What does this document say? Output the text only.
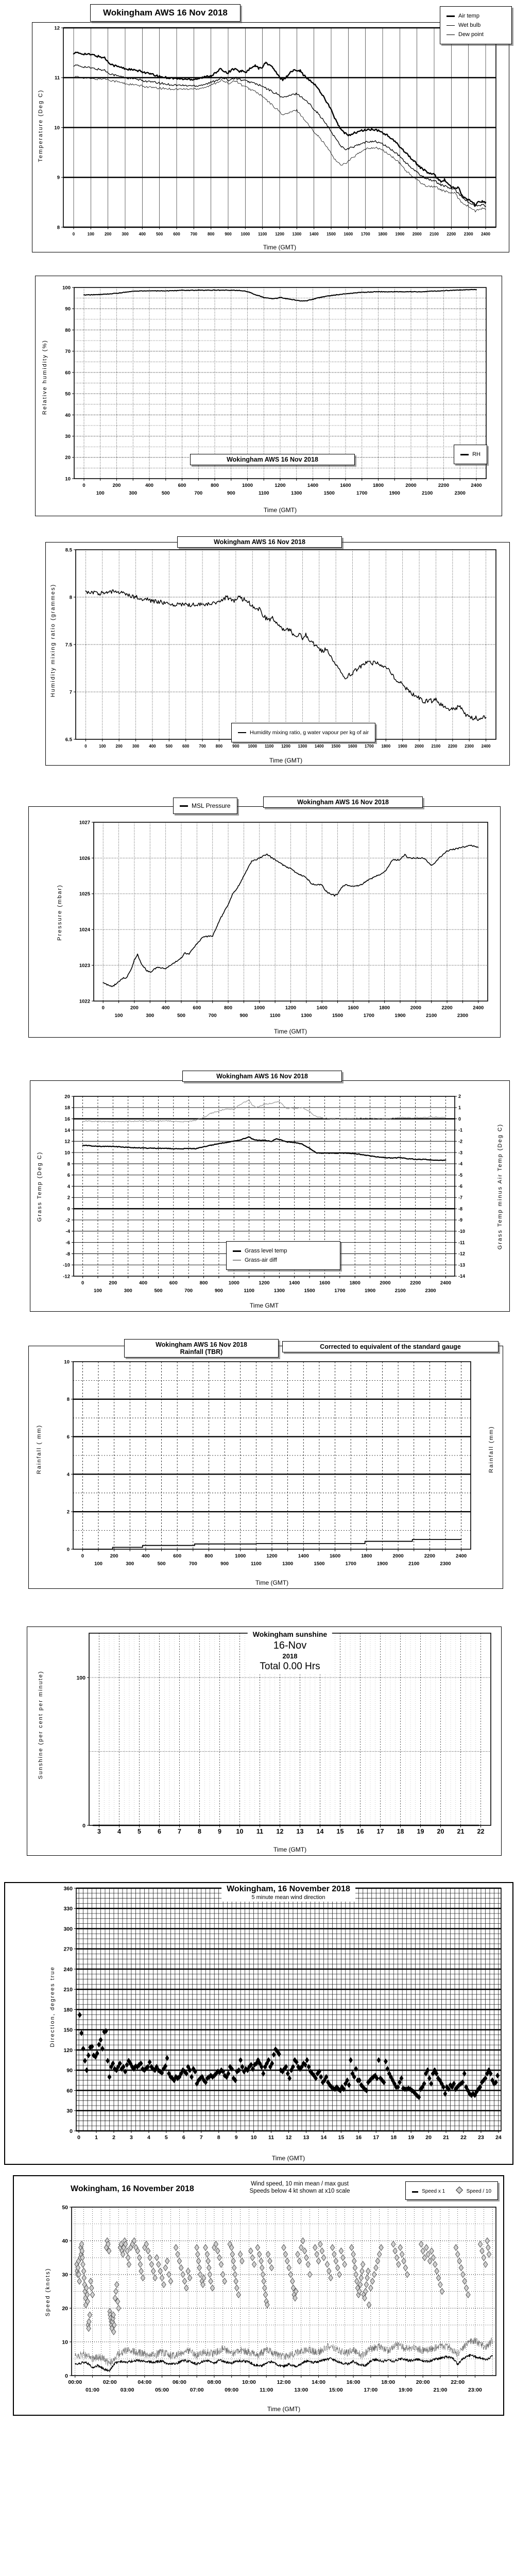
0	100 200 300 400 500 600 700 800 900 1000 1100 1200 1300 1400 1500 1600 1700 1800 1900 2000 2100 2200 2300 2400
8
9
10
11
12
Wokingham AWS 16 Nov 2018	Air temp
Wet bulb
Dew point
Temperature (Deg C)
Time (GMT)
0
100
200
300
400
500
600
700
800
900
1000
1100
1200
1300
1400
1500
1600
1700
1800
1900
2000
2100
2200
2300
2400
10
20
30
40
50
60
70
80
90
100
Wokingham AWS 16 Nov 2018
RH
Relative humidity (%)
Time (GMT)
0	100 200 300 400 500 600 700 800 900 1000 1100 1200 1300 1400 1500 1600 1700 1800 1900 2000 2100 2200 2300 2400
6.5
7
7.5
8
8.5
Wokingham AWS 16 Nov 2018
Humidity mixing ratio, g water vapour per kg of air
Humidity mixing ratio (grammes)
Time (GMT)
0
100
200
300
400
500
600
700
800
900
1000
1100
1200
1300
1400
1500
1600
1700
1800
1900
2000
2100
2200
2300
2400
1022
1023
1024
1025
1026
1027
MSL Pressure	Wokingham AWS 16 Nov 2018
Pressure (mbar)
Time (GMT)
0
100
200
300
400
500
600
700
800
900
1000
1100
1200
1300
1400
1500
1600
1700
1800
1900
2000
2100
2200
2300
2400
20
18
16
14
12
10
8
6
4
2
0
-2
-4
-6
-8
-10
-12
2
1
0
-1
-2
-3
-4
-5
-6
-7
-8
-9
-10
-11
-12
-13
-14
Wokingham AWS 16 Nov 2018
Grass level temp
Grass-air diff
Grass Temp (Deg C)	Grass Temp minus Air Temp (Deg C)
Time GMT
0
100
200
300
400
500
600
700
800
900
1000
1100
1200
1300
1400
1500
1600
1700
1800
1900
2000
2100
2200
2300
2400
0
2
4
6
8
10
Wokingham AWS 16 Nov 2018
Rainfall (TBR)
Corrected to equivalent of the standard gauge
Rainfall ( mm)	Rainfall (mm)
Time (GMT)
3	4	5	6	7	8	9 10 11 12 13 14 15 16 17 18 19 20 21 22
0
100
Wokingham sunshine
16-Nov
2018
Total 0.00 Hrs
Sunshine (per cent per minute)
Time (GMT)
0	1	2	3	4	5	6	7	8	9 10 11 12 13 14 15 16 17 18 19 20 21 22 23 24
0
30
60
90
120
150
180
210
240
270
300
330
360	Wokingham, 16 November 2018
5 minute mean wind direction
Direction, degrees true
Time (GMT)
00:00
01:00
02:00
03:00
04:00
05:00
06:00
07:00
08:00
09:00
10:00
11:00
12:00
13:00
14:00
15:00
16:00
17:00
18:00
19:00
20:00
21:00
22:00
23:00
0
10
20
30
40
50
Wokingham, 16 November 2018
Wind speed, 10 min mean / max gust
Speeds below 4 kt shown at x10 scale	Speed x 1	Speed / 10
Speed (knots)
Time (GMT)
